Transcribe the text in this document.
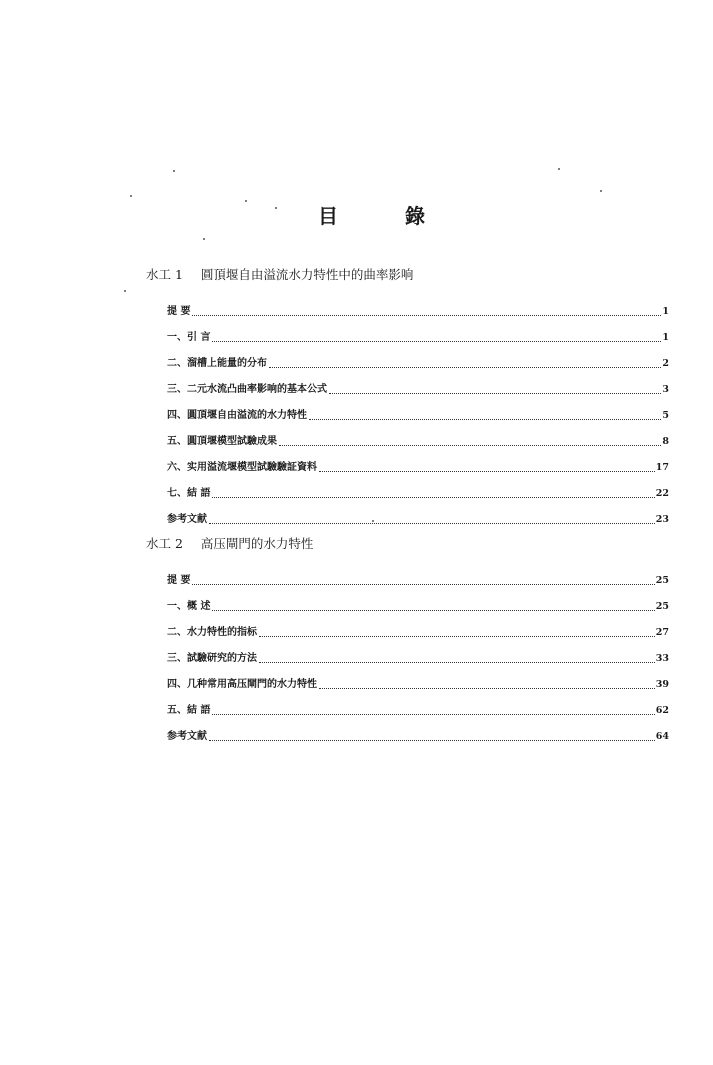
目 錄
水工 1 圓頂堰自由溢流水力特性中的曲率影响
提 要	1
一、引 言	1
二、溜槽上能量的分布	2
三、二元水流凸曲率影响的基本公式	3
四、圓頂堰自由溢流的水力特性	5
五、圓頂堰模型試驗成果	8
六、实用溢流堰模型試驗驗証資料	17
七、結 語	22
参考文献	23
水工 2 高压閘門的水力特性
提 要	25
一、概 述	25
二、水力特性的指标	27
三、試驗研究的方法	33
四、几种常用高压閘門的水力特性	39
五、結 語	62
参考文献	64
